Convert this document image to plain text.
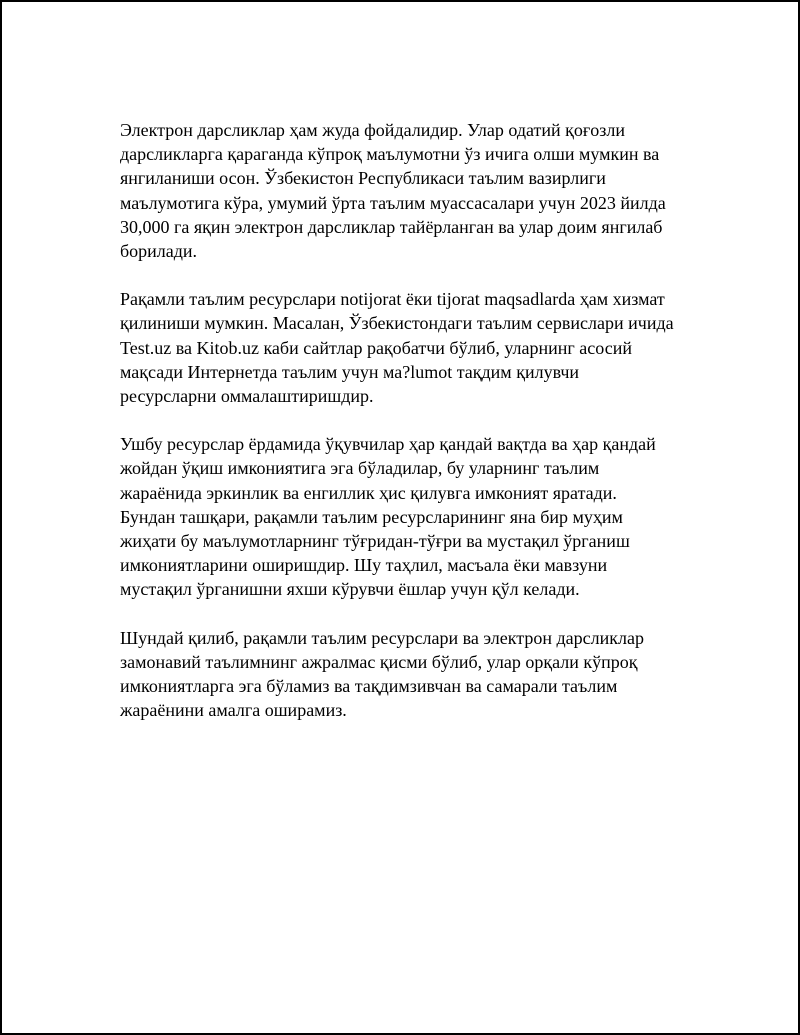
Электрон дарсликлар ҳам жуда фойдалидир. Улар одатий қоғозли
дарсликларга қараганда кўпроқ маълумотни ўз ичига олши мумкин ва
янгиланиши осон. Ўзбекистон Республикаси таълим вазирлиги
маълумотига кўра, умумий ўрта таълим муассасалари учун 2023 йилда
30,000 га яқин электрон дарсликлар тайёрланган ва улар доим янгилаб
борилади.

Рақамли таълим ресурслари notijorat ёки tijorat maqsadlarda ҳам хизмат
қилиниши мумкин. Масалан, Ўзбекистондаги таълим сервислари ичида
Test.uz ва Kitob.uz каби сайтлар рақобатчи бўлиб, уларнинг асосий
мақсади Интернетда таълим учун ма?lumot тақдим қилувчи
ресурсларни оммалаштиришдир.

Ушбу ресурслар ёрдамида ўқувчилар ҳар қандай вақтда ва ҳар қандай
жойдан ўқиш имкониятига эга бўладилар, бу уларнинг таълим
жараёнида эркинлик ва енгиллик ҳис қилувга имконият яратади.
Бундан ташқари, рақамли таълим ресурсларининг яна бир муҳим
жиҳати бу маълумотларнинг тўғридан-тўғри ва мустақил ўрганиш
имкониятларини оширишдир. Шу таҳлил, масъала ёки мавзуни
мустақил ўрганишни яхши кўрувчи ёшлар учун қўл келади.

Шундай қилиб, рақамли таълим ресурслари ва электрон дарсликлар
замонавий таълимнинг ажралмас қисми бўлиб, улар орқали кўпроқ
имкониятларга эга бўламиз ва тақдимзивчан ва самарали таълим
жараёнини амалга оширамиз.
